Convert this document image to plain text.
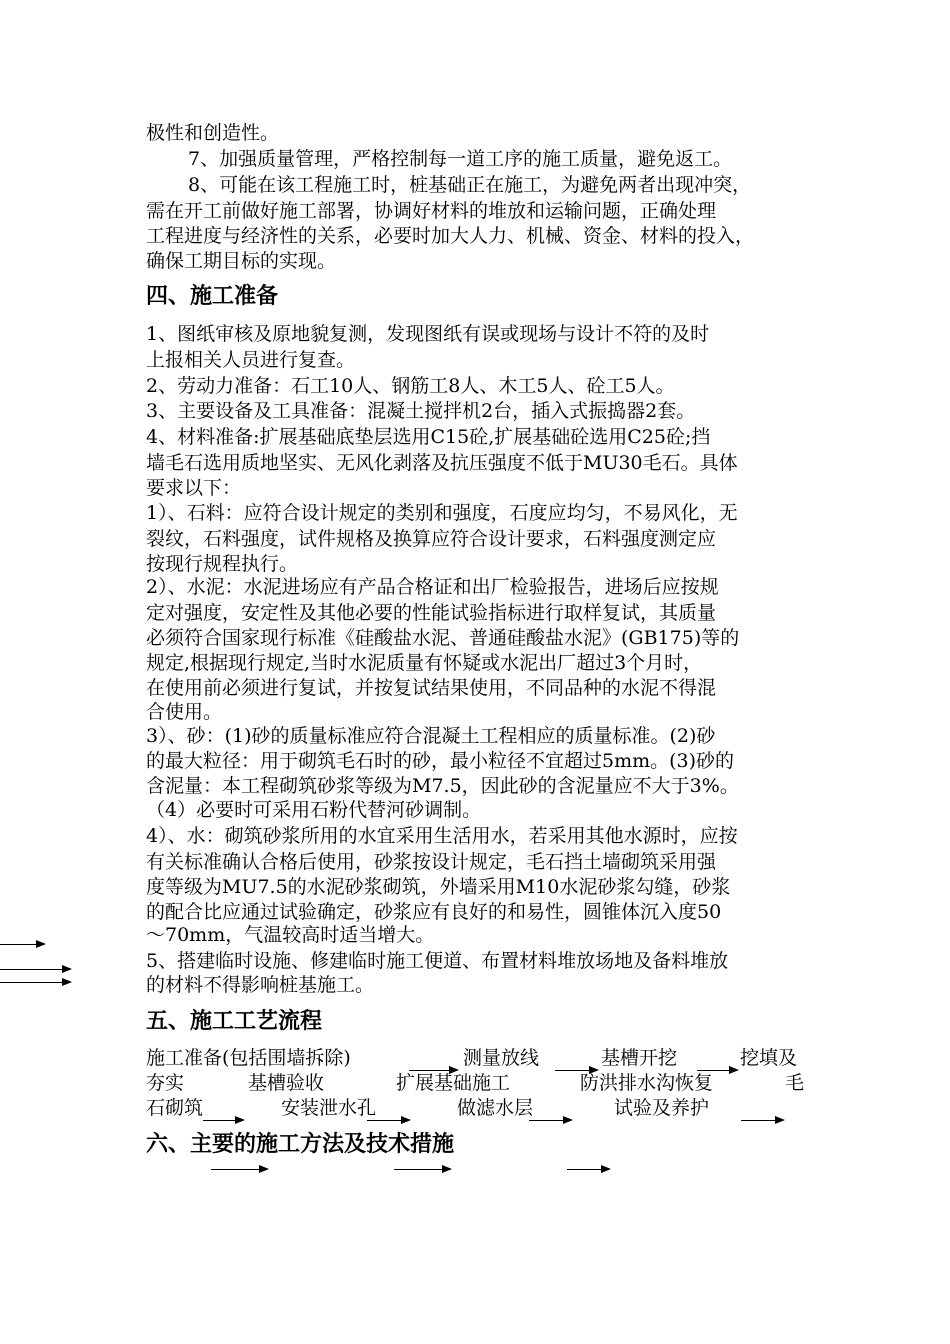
极性和创造性。
7、加强质量管理，严格控制每一道工序的施工质量，避免返工。
8、可能在该工程施工时，桩基础正在施工，为避免两者出现冲突，
需在开工前做好施工部署，协调好材料的堆放和运输问题，正确处理
工程进度与经济性的关系，必要时加大人力、机械、资金、材料的投入，
确保工期目标的实现。
四、施工准备
1、图纸审核及原地貌复测，发现图纸有误或现场与设计不符的及时
上报相关人员进行复查。
2、劳动力准备：石工10人、钢筋工8人、木工5人、砼工5人。
3、主要设备及工具准备：混凝土搅拌机2台，插入式振捣器2套。
4、材料准备:扩展基础底垫层选用C15砼,扩展基础砼选用C25砼;挡
墙毛石选用质地坚实、无风化剥落及抗压强度不低于MU30毛石。具体
要求以下：
1）、石料：应符合设计规定的类别和强度，石度应均匀，不易风化，无
裂纹，石料强度，试件规格及换算应符合设计要求，石料强度测定应
按现行规程执行。
2）、水泥：水泥进场应有产品合格证和出厂检验报告，进场后应按规
定对强度，安定性及其他必要的性能试验指标进行取样复试，其质量
必须符合国家现行标准《硅酸盐水泥、普通硅酸盐水泥》(GB175)等的
规定,根据现行规定,当时水泥质量有怀疑或水泥出厂超过3个月时，
在使用前必须进行复试，并按复试结果使用，不同品种的水泥不得混
合使用。
3）、砂：(1)砂的质量标准应符合混凝土工程相应的质量标准。(2)砂
的最大粒径：用于砌筑毛石时的砂，最小粒径不宜超过5mm。(3)砂的
含泥量：本工程砌筑砂浆等级为M7.5，因此砂的含泥量应不大于3%。
（4）必要时可采用石粉代替河砂调制。
4）、水：砌筑砂浆所用的水宜采用生活用水，若采用其他水源时，应按
有关标准确认合格后使用，砂浆按设计规定，毛石挡土墙砌筑采用强
度等级为MU7.5的水泥砂浆砌筑，外墙采用M10水泥砂浆勾缝，砂浆
的配合比应通过试验确定，砂浆应有良好的和易性，圆锥体沉入度50
～70mm，气温较高时适当增大。
5、搭建临时设施、修建临时施工便道、布置材料堆放场地及备料堆放
的材料不得影响桩基施工。
五、施工工艺流程
施工准备(包括围墙拆除)	测量放线	基槽开挖	挖填及
夯实	基槽验收	扩展基础施工	防洪排水沟恢复	毛
石砌筑	安装泄水孔	做滤水层	试验及养护
六、主要的施工方法及技术措施
